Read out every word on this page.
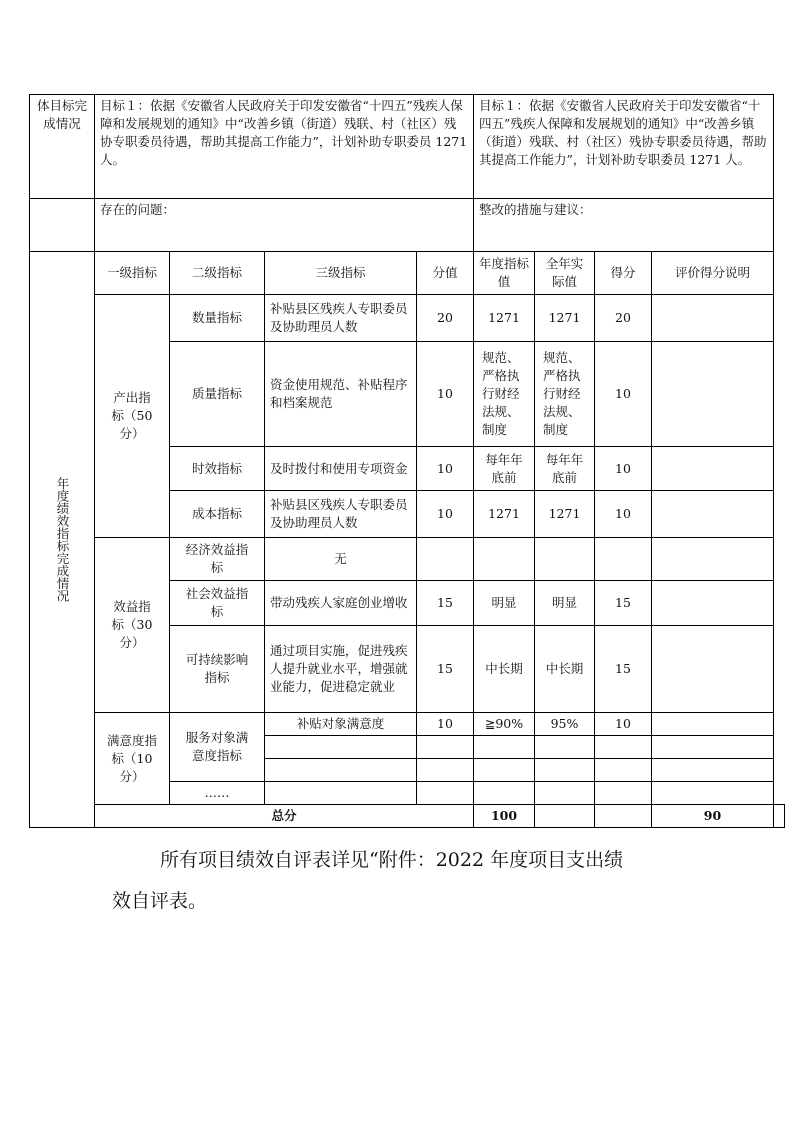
体目标完成情况	目标１：依据《安徽省人民政府关于印发安徽省“十四五”残疾人保障和发展规划的通知》中“改善乡镇（街道）残联、村（社区）残协专职委员待遇，帮助其提高工作能力”，计划补助专职委员 1271 人。				目标１：依据《安徽省人民政府关于印发安徽省“十四五”残疾人保障和发展规划的通知》中“改善乡镇（街道）残联、村（社区）残协专职委员待遇，帮助其提高工作能力”，计划补助专职委员 1271 人。				
	存在的问题：				整改的措施与建议：				
年度绩效指标完成情况	一级指标	二级指标	三级指标	分值	年度指标值	全年实际值	得分	评价得分说明	
	产出指标（50 分）	数量指标	补贴县区残疾人专职委员及协助理员人数	20	1271	1271	20		
		质量指标	资金使用规范、补贴程序和档案规范	10	规范、严格执行财经法规、制度	规范、严格执行财经法规、制度	10		
		时效指标	及时拨付和使用专项资金	10	每年年底前	每年年底前	10		
		成本指标	补贴县区残疾人专职委员及协助理员人数	10	1271	1271	10		
	效益指标（30 分）	经济效益指标	无						
		社会效益指标	带动残疾人家庭创业增收	15	明显	明显	15		
		可持续影响指标	通过项目实施，促进残疾人提升就业水平，增强就业能力，促进稳定就业	15	中长期	中长期	15		
	满意度指标（10 分）	服务对象满意度指标	补贴对象满意度	10	≧90%	95%	10		

		……							
	总分				100			90	
所有项目绩效自评表详见“附件：2022 年度项目支出绩
效自评表。
